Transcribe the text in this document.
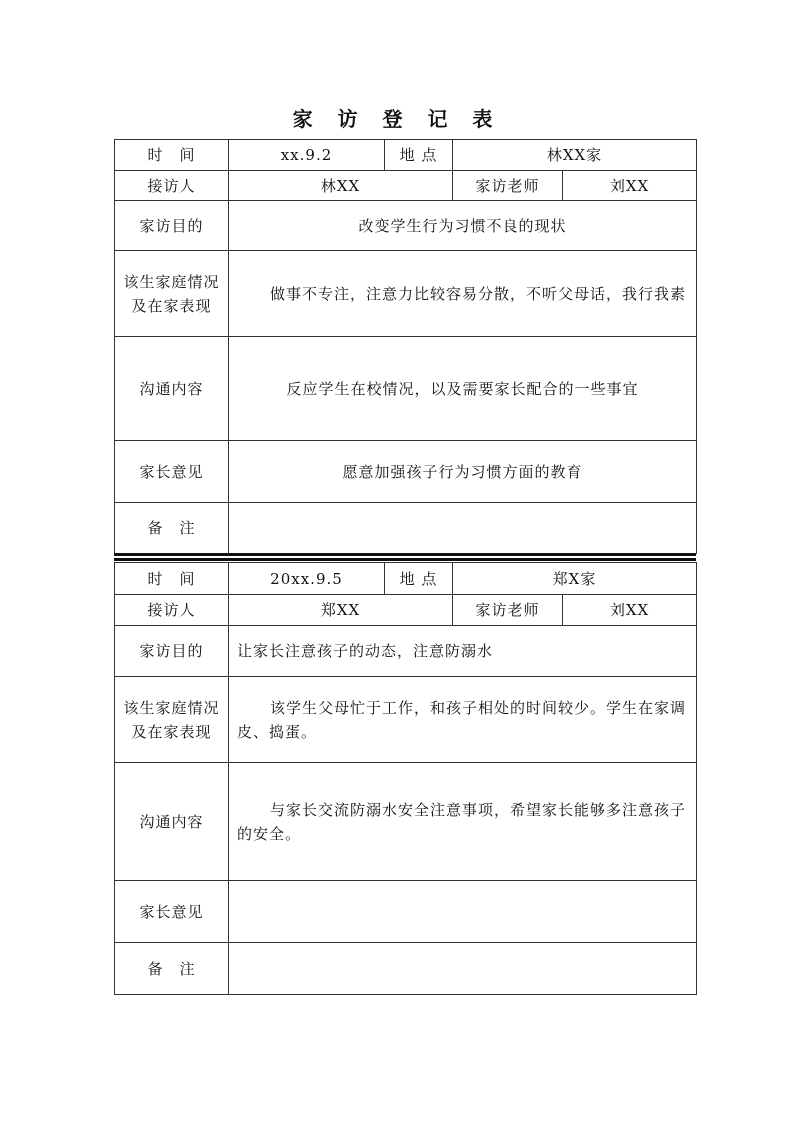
家 访 登 记 表
时　间	xx.9.2	地 点	林XX家	
接访人	林XX		家访老师	刘XX
家访目的	改变学生行为习惯不良的现状			
该生家庭情况及在家表现	做事不专注，注意力比较容易分散，不听父母话，我行我素			
沟通内容	反应学生在校情况，以及需要家长配合的一些事宜			
家长意见	愿意加强孩子行为习惯方面的教育			
备　注				
时　间	20xx.9.5	地 点	郑X家	
接访人	郑XX		家访老师	刘XX
家访目的	让家长注意孩子的动态，注意防溺水			
该生家庭情况及在家表现	该学生父母忙于工作，和孩子相处的时间较少。学生在家调皮、捣蛋。			
沟通内容	与家长交流防溺水安全注意事项，希望家长能够多注意孩子的安全。			
家长意见				
备　注				
